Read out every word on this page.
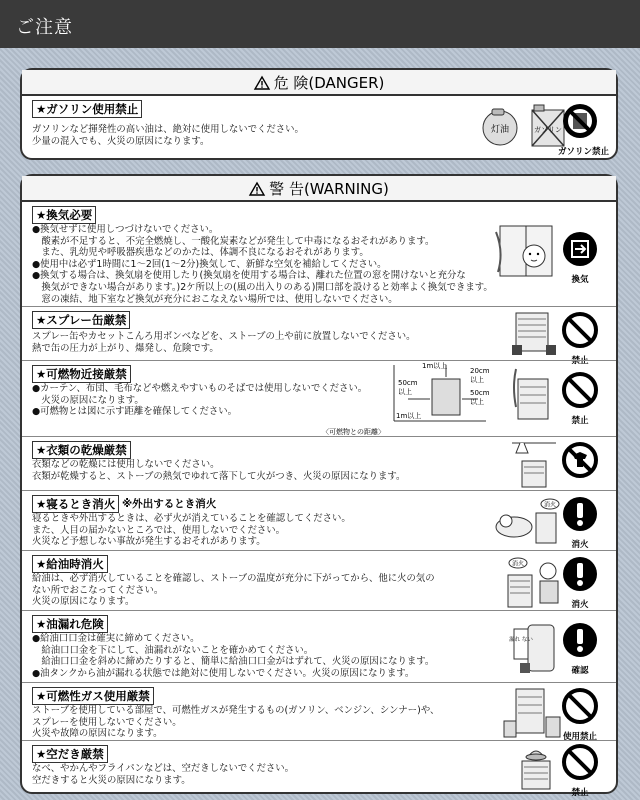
ご注意
危 険(DANGER)
★ガソリン使用禁止
ガソリンなど揮発性の高い油は、絶対に使用しないでください。
少量の混入でも、火災の原因になります。
灯油	ガソリン
ガソリン禁止
警 告(WARNING)
★換気必要
●換気せずに使用しつづけないでください。
　酸素が不足すると、不完全燃焼し、一酸化炭素などが発生して中毒になるおそれがあります。
　また、乳幼児や呼吸器疾患などのかたは、体調不良になるおそれがあります。
●使用中は必ず1時間に1～2回(1～2分)換気して、新鮮な空気を補給してください。
●換気する場合は、換気扇を使用したり(換気扇を使用する場合は、離れた位置の窓を開けないと充分な
　換気ができない場合があります。)2ケ所以上の(風の出入りのある)開口部を設けると効率よく換気できます。
　窓の凍結、地下室など換気が充分におこなえない場所では、使用しないでください。
換気
★スプレー缶厳禁
スプレー缶やカセットこんろ用ボンベなどを、ストーブの上や前に放置しないでください。
熱で缶の圧力が上がり、爆発し、危険です。
禁止
★可燃物近接厳禁
●カーテン、布団、毛布などや燃えやすいものそばでは使用しないでください。
　火災の原因になります。
●可燃物とは図に示す距離を確保してください。
1m以上
20cm
以上
50cm
以上	50cm
以上
1m以上
〈可燃物との距離〉
禁止
★衣類の乾燥厳禁
衣類などの乾燥には使用しないでください。
衣類が乾燥すると、ストーブの熱気でゆれて落下して火がつき、火災の原因になります。
★寝るとき消火 ※外出するとき消火
寝るときや外出するときは、必ず火が消えていることを確認してください。
また、人目の届かないところでは、使用しないでください。
火災など予想しない事故が発生するおそれがあります。
消火
消火
★給油時消火
給油は、必ず消火していることを確認し、ストーブの温度が充分に下がってから、他に火の気の
ない所でおこなってください。
火災の原因になります。
消火
消火
★油漏れ危険
●給油口口金は確実に締めてください。
　給油口口金を下にして、油漏れがないことを確かめてください。
　給油口口金を斜めに締めたりすると、簡単に給油口口金がはずれて、火災の原因になります。
●油タンクから油が漏れる状態では絶対に使用しないでください。火災の原因になります。
漏れ ない
確認
★可燃性ガス使用厳禁
ストーブを使用している部屋で、可燃性ガスが発生するもの(ガソリン、ベンジン、シンナー)や、
スプレーを使用しないでください。
火災や故障の原因になります。	使用禁止
★空だき厳禁
なべ、やかんやフライパンなどは、空だきしないでください。
空だきすると火災の原因になります。
禁止
